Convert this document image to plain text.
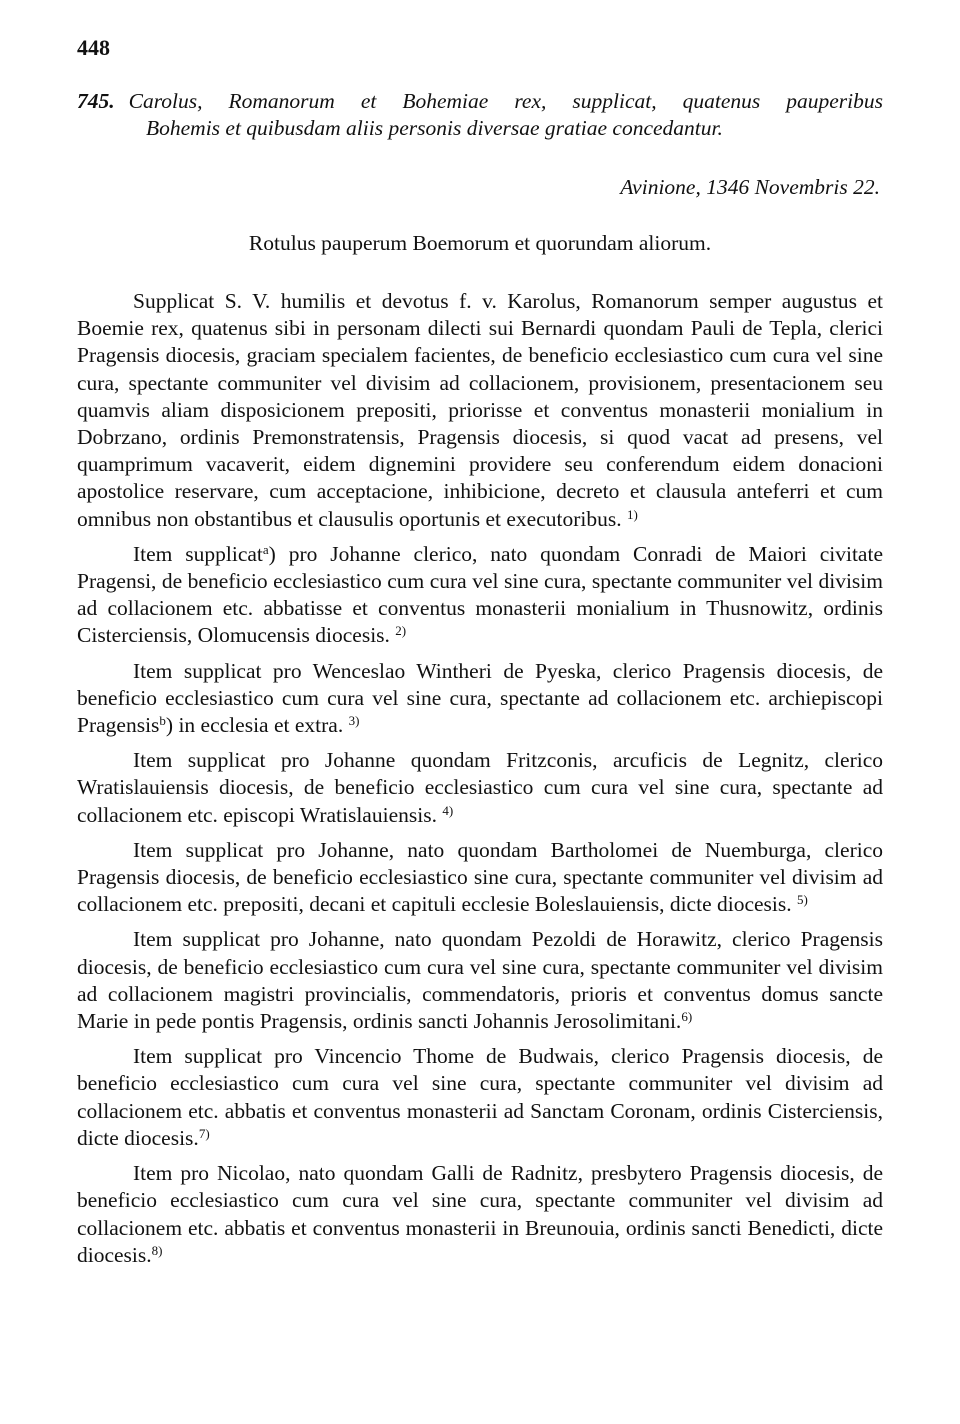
448
745. Carolus, Romanorum et Bohemiae rex, supplicat, quatenus pauperibus
Bohemis et quibusdam aliis personis diversae gratiae concedantur.
Avinione, 1346 Novembris 22.
Rotulus pauperum Boemorum et quorundam aliorum.

Supplicat S. V. humilis et devotus f. v. Karolus, Romanorum semper augustus et Boemie rex, quatenus sibi in personam dilecti sui Bernardi quondam Pauli de Tepla, clerici Pragensis diocesis, graciam specialem facientes, de beneficio ecclesiastico cum cura vel sine cura, spectante communiter vel divisim ad collacionem, provisionem, presentacionem seu quamvis aliam disposicionem prepositi, priorisse et conventus monasterii monialium in Dobrzano, ordinis Premonstratensis, Pragensis diocesis, si quod vacat ad presens, vel quamprimum vacaverit, eidem dignemini providere seu conferendum eidem donacioni apostolice reservare, cum acceptacione, inhibicione, decreto et clausula anteferri et cum omnibus non obstantibus et clausulis oportunis et executoribus. $^{1)}$

Item supplicat$^a$) pro Johanne clerico, nato quondam Conradi de Maiori civitate Pragensi, de beneficio ecclesiastico cum cura vel sine cura, spectante communiter vel divisim ad collacionem etc. abbatisse et conventus monasterii monialium in Thusnowitz, ordinis Cisterciensis, Olomucensis diocesis. $^{2)}$

Item supplicat pro Wenceslao Wintheri de Pyeska, clerico Pragensis diocesis, de beneficio ecclesiastico cum cura vel sine cura, spectante ad collacionem etc. archiepiscopi Pragensis$^b$) in ecclesia et extra. $^{3)}$

Item supplicat pro Johanne quondam Fritzconis, arcuficis de Legnitz, clerico Wratislauiensis diocesis, de beneficio ecclesiastico cum cura vel sine cura, spectante ad collacionem etc. episcopi Wratislauiensis. $^{4)}$

Item supplicat pro Johanne, nato quondam Bartholomei de Nuemburga, clerico Pragensis diocesis, de beneficio ecclesiastico sine cura, spectante communiter vel divisim ad collacionem etc. prepositi, decani et capituli ecclesie Boleslauiensis, dicte diocesis. $^{5)}$

Item supplicat pro Johanne, nato quondam Pezoldi de Horawitz, clerico Pragensis diocesis, de beneficio ecclesiastico cum cura vel sine cura, spectante communiter vel divisim ad collacionem magistri provincialis, commendatoris, prioris et conventus domus sancte Marie in pede pontis Pragensis, ordinis sancti Johannis Jerosolimitani.$^{6)}$

Item supplicat pro Vincencio Thome de Budwais, clerico Pragensis diocesis, de beneficio ecclesiastico cum cura vel sine cura, spectante communiter vel divisim ad collacionem etc. abbatis et conventus monasterii ad Sanctam Coronam, ordinis Cisterciensis, dicte diocesis.$^{7)}$

Item pro Nicolao, nato quondam Galli de Radnitz, presbytero Pragensis diocesis, de beneficio ecclesiastico cum cura vel sine cura, spectante communiter vel divisim ad collacionem etc. abbatis et conventus monasterii in Breunouia, ordinis sancti Benedicti, dicte diocesis.$^{8)}$
